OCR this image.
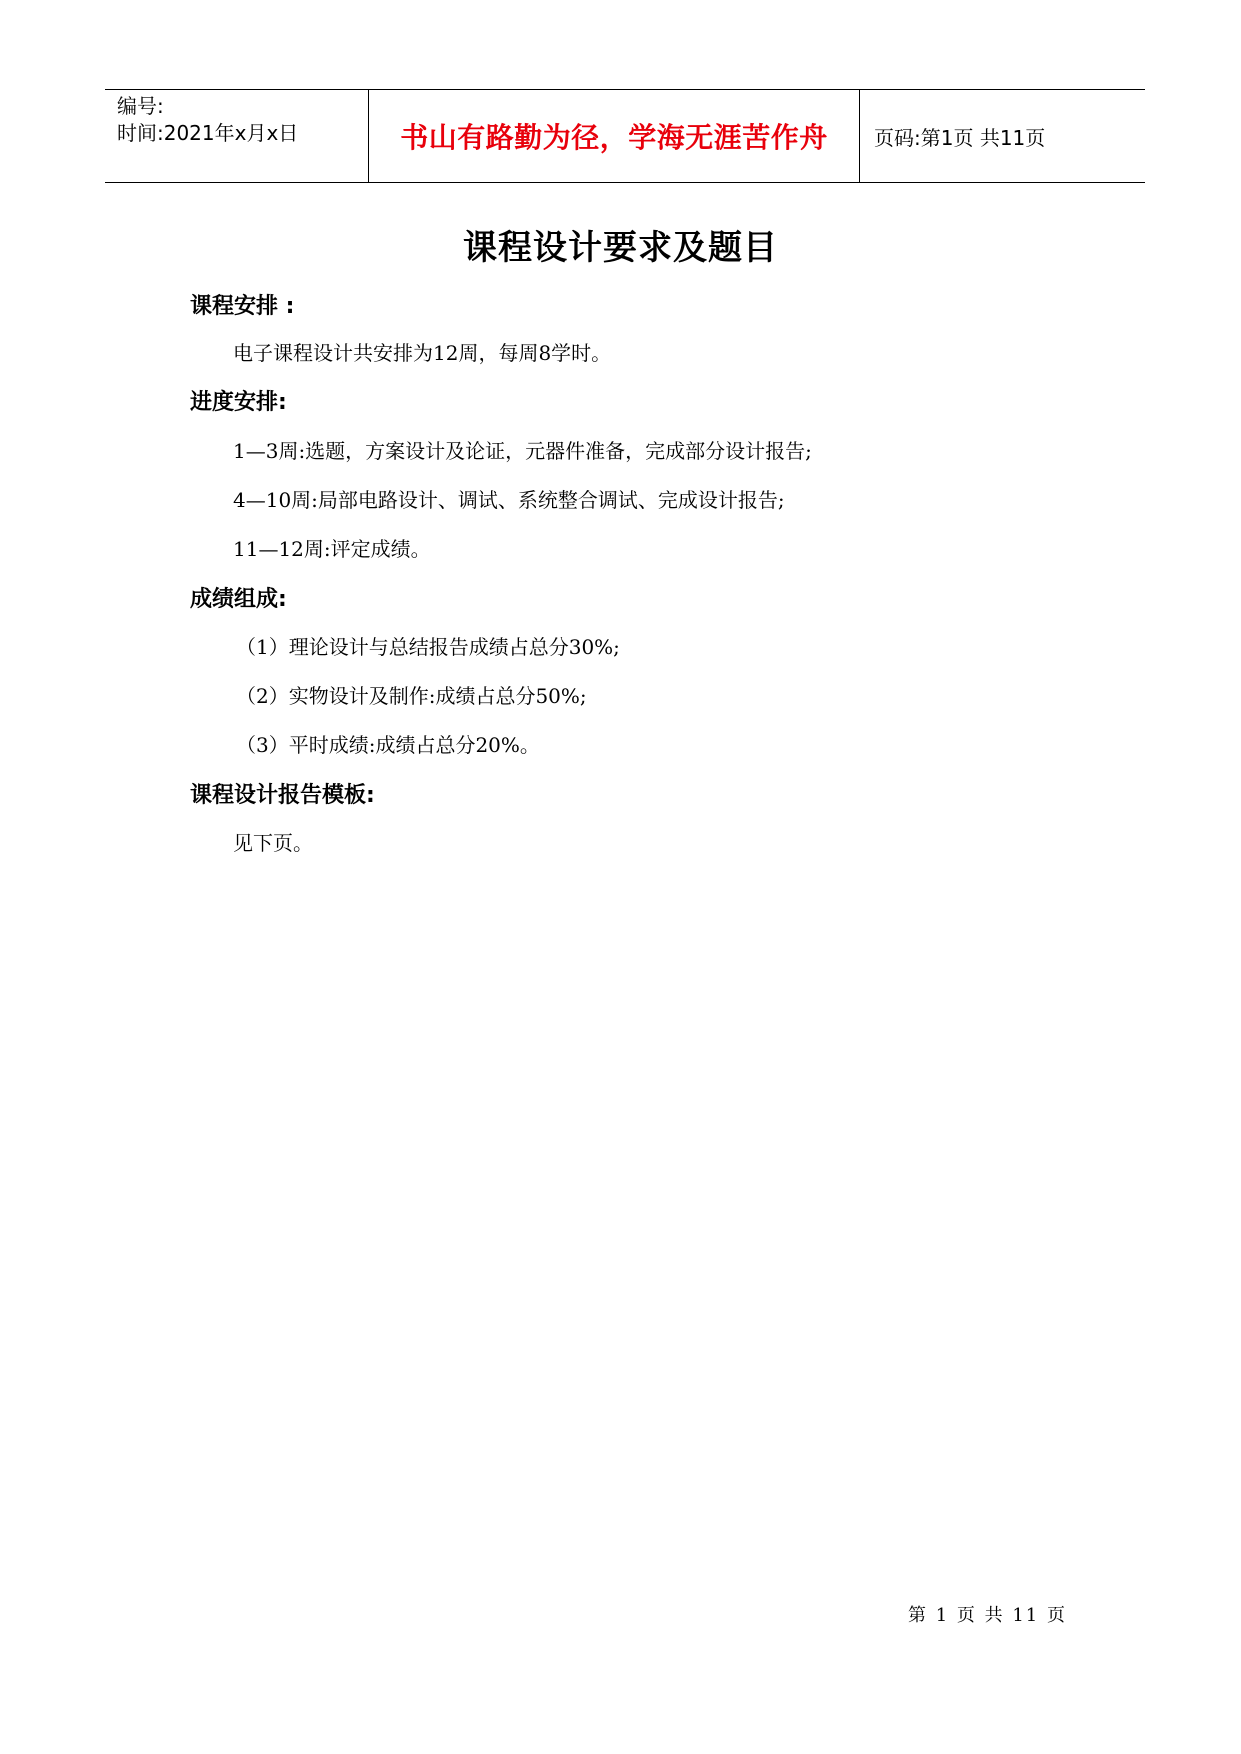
编号:
时间:2021年x月x日	书山有路勤为径，学海无涯苦作舟 页码:第1页 共11页
课程设计要求及题目
课程安排 :
电子课程设计共安排为12周，每周8学时。
进度安排:
1—3周:选题，方案设计及论证，元器件准备，完成部分设计报告;
4—10周:局部电路设计、调试、系统整合调试、完成设计报告;
11—12周:评定成绩。
成绩组成:
（1）理论设计与总结报告成绩占总分30%;
（2）实物设计及制作:成绩占总分50%;
（3）平时成绩:成绩占总分20%。
课程设计报告模板:
见下页。
第 1 页 共 11 页
